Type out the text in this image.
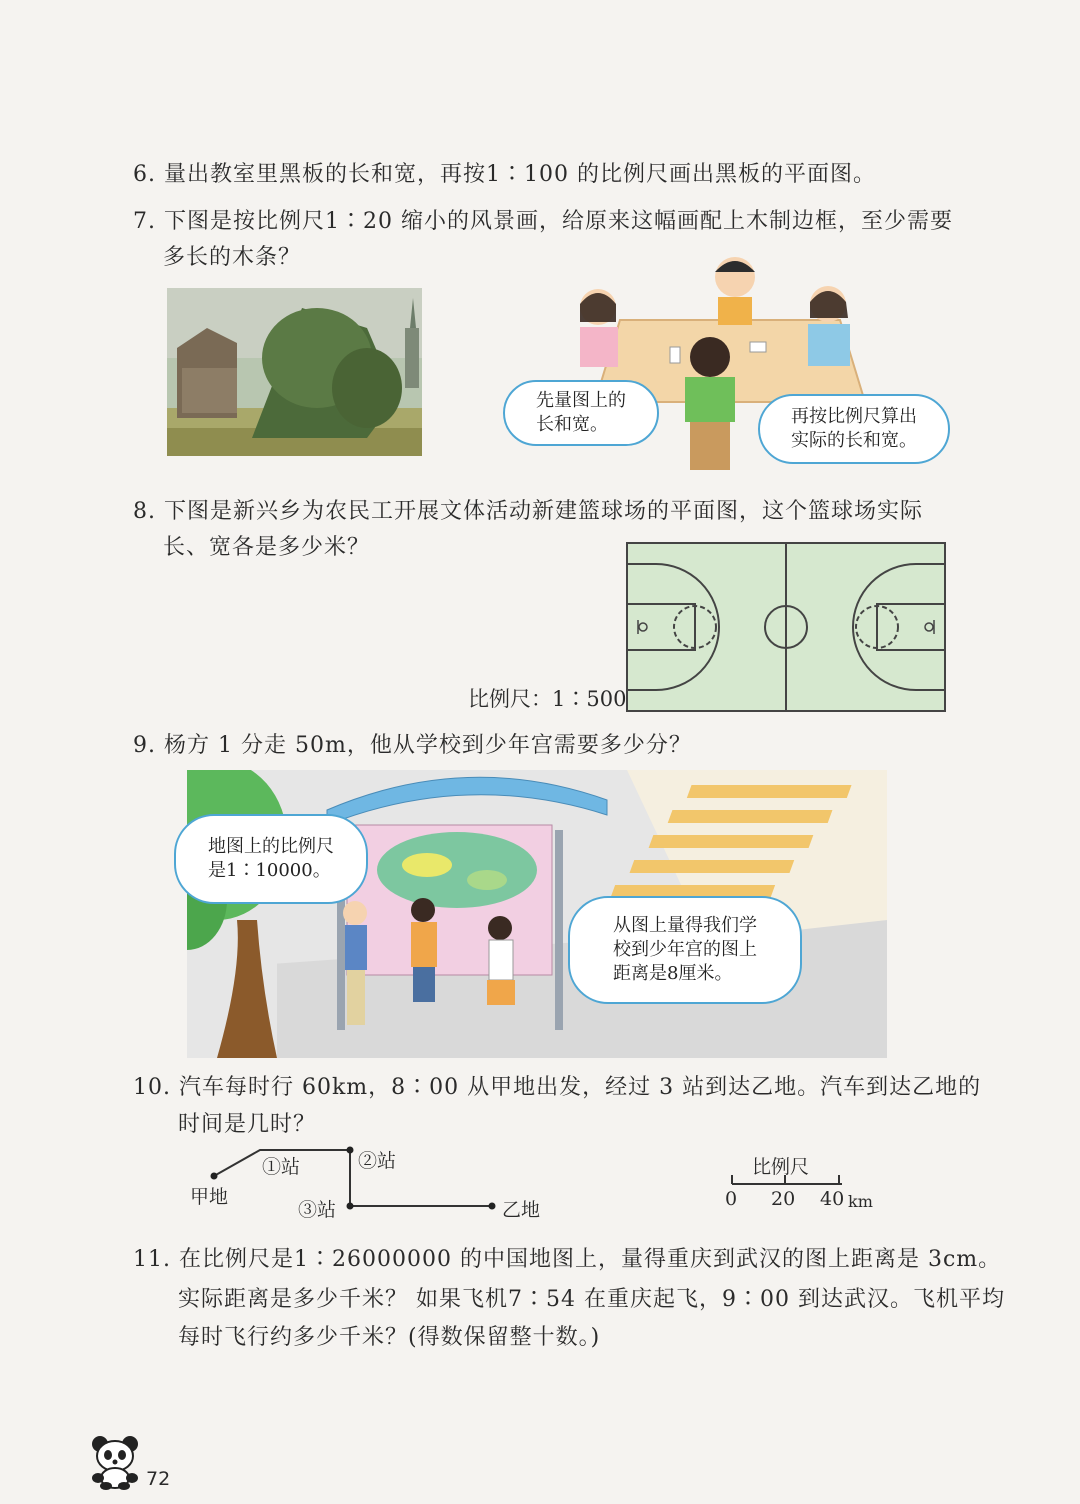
6. 量出教室里黑板的长和宽，再按1∶100 的比例尺画出黑板的平面图。
7. 下图是按比例尺1∶20 缩小的风景画，给原来这幅画配上木制边框，至少需要
多长的木条？
先量图上的
长和宽。	再按比例尺算出
实际的长和宽。
8. 下图是新兴乡为农民工开展文体活动新建篮球场的平面图，这个篮球场实际
长、宽各是多少米？
比例尺：1∶500
9. 杨方 1 分走 50m，他从学校到少年宫需要多少分？
地图上的比例尺
是1∶10000。
从图上量得我们学
校到少年宫的图上
距离是8厘米。
10. 汽车每时行 60km，8∶00 从甲地出发，经过 3 站到达乙地。汽车到达乙地的
时间是几时？
甲地
①站	②站
③站	乙地
比例尺
0 20 40 km
11. 在比例尺是1∶26000000 的中国地图上，量得重庆到武汉的图上距离是 3cm。
实际距离是多少千米？ 如果飞机7∶54 在重庆起飞，9∶00 到达武汉。飞机平均
每时飞行约多少千米？(得数保留整十数。)
72
